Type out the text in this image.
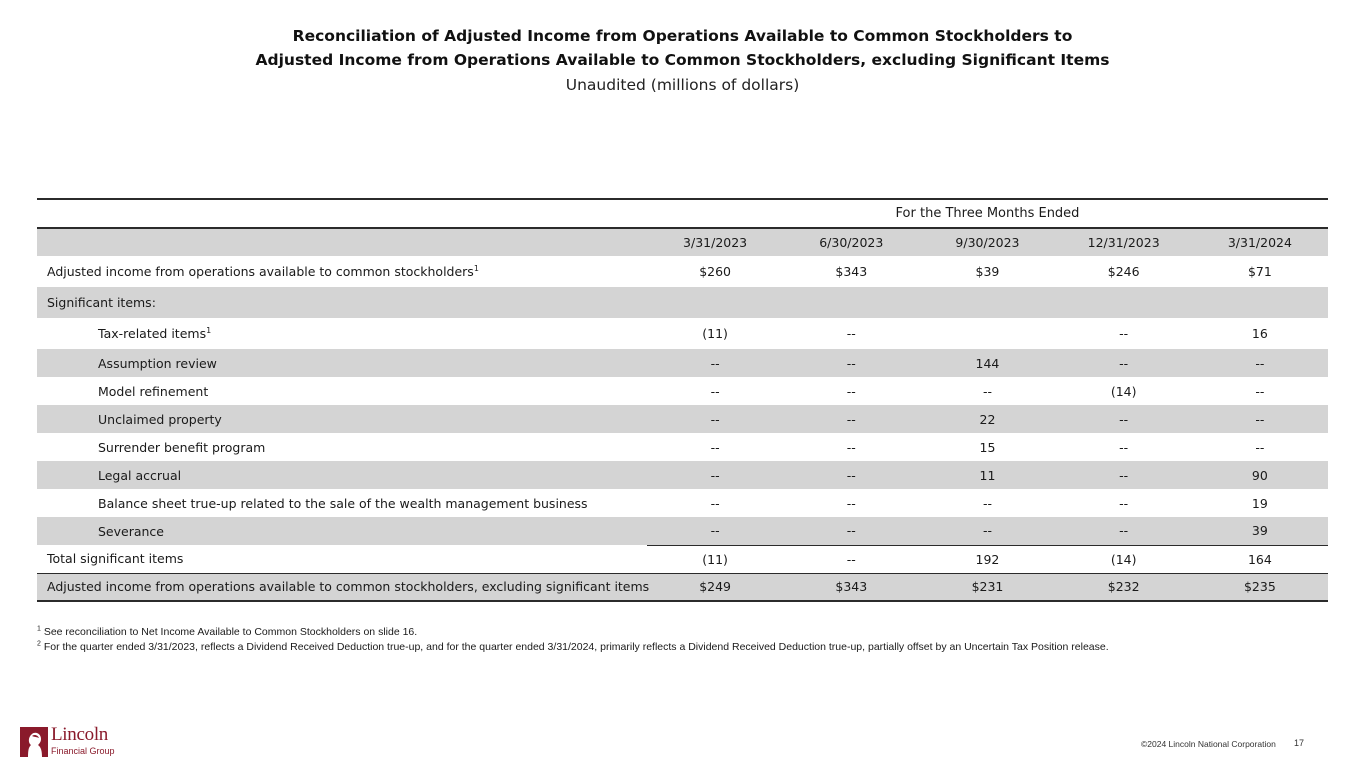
Reconciliation of Adjusted Income from Operations Available to Common Stockholders to
Adjusted Income from Operations Available to Common Stockholders, excluding Significant Items
Unaudited (millions of dollars)
	For the Three Months Ended				
	3/31/2023	6/30/2023	9/30/2023	12/31/2023	3/31/2024
Adjusted income from operations available to common stockholders$^1$	$260	$343	$39	$246	$71
Significant items:					
Tax-related items$^1$	(11)	--		--	16
Assumption review	--	--	144	--	--
Model refinement	--	--	--	(14)	--
Unclaimed property	--	--	22	--	--
Surrender benefit program	--	--	15	--	--
Legal accrual	--	--	11	--	90
Balance sheet true-up related to the sale of the wealth management business	--	--	--	--	19
Severance	--	--	--	--	39
Total significant items	(11)	--	192	(14)	164
Adjusted income from operations available to common stockholders, excluding significant items	$249	$343	$231	$232	$235
$^1$ See reconciliation to Net Income Available to Common Stockholders on slide 16.
$^2$ For the quarter ended 3/31/2023, reflects a Dividend Received Deduction true-up, and for the quarter ended 3/31/2024, primarily reflects a Dividend Received Deduction true-up, partially offset by an Uncertain Tax Position release.
Lincoln
Financial Group
©2024 Lincoln National Corporation 17
